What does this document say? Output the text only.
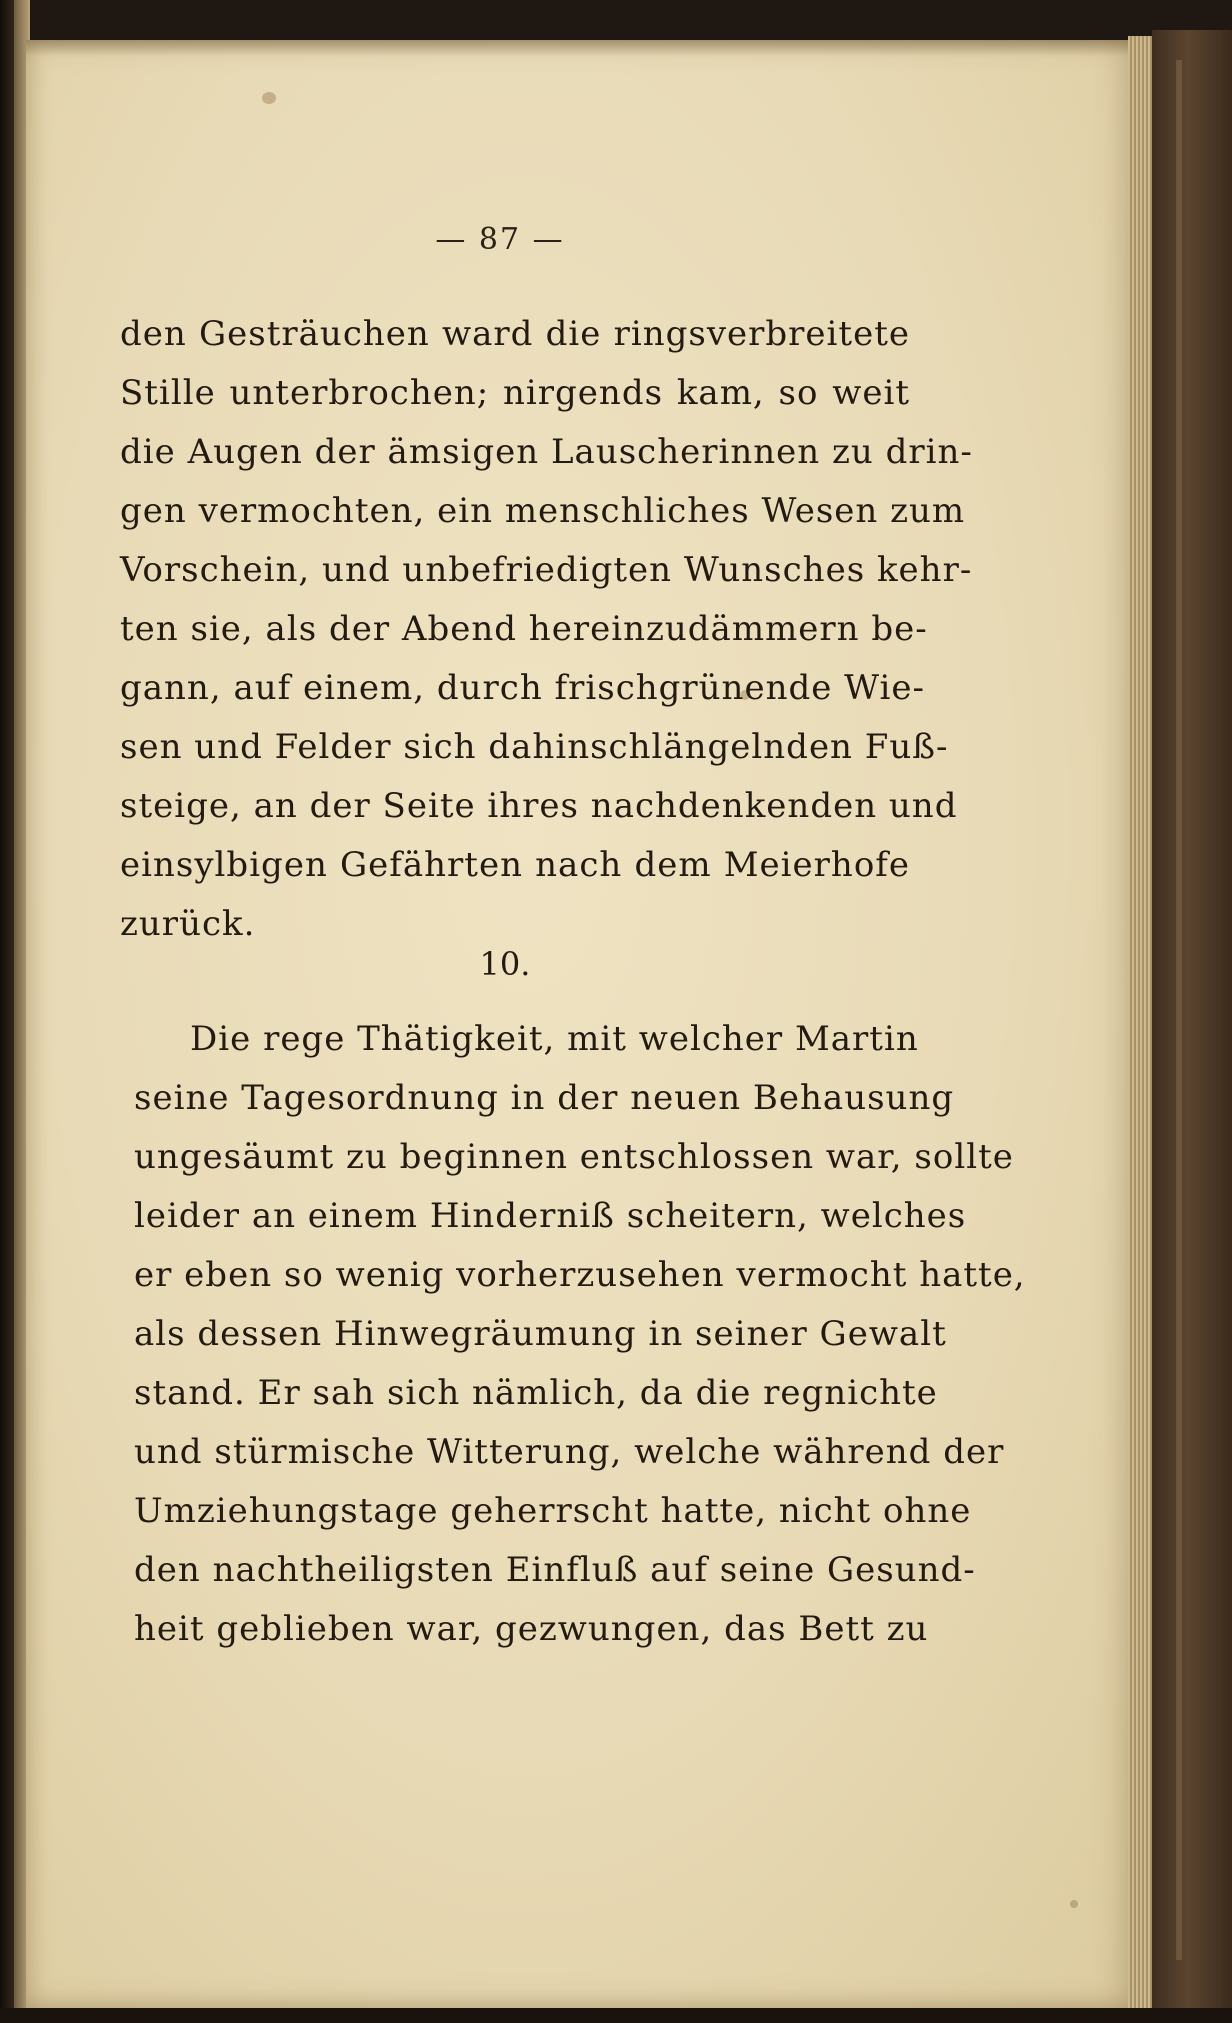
— 87 —
den Gesträuchen ward die ringsverbreitete
Stille unterbrochen; nirgends kam, so weit
die Augen der ämsigen Lauscherinnen zu drin-
gen vermochten, ein menschliches Wesen zum
Vorschein, und unbefriedigten Wunsches kehr-
ten sie, als der Abend hereinzudämmern be-
gann, auf einem, durch frischgrünende Wie-
sen und Felder sich dahinschlängelnden Fuß-
steige, an der Seite ihres nachdenkenden und
einsylbigen Gefährten nach dem Meierhofe
zurück.
10.
Die rege Thätigkeit, mit welcher Martin
seine Tagesordnung in der neuen Behausung
ungesäumt zu beginnen entschlossen war, sollte
leider an einem Hinderniß scheitern, welches
er eben so wenig vorherzusehen vermocht hatte,
als dessen Hinwegräumung in seiner Gewalt
stand. Er sah sich nämlich, da die regnichte
und stürmische Witterung, welche während der
Umziehungstage geherrscht hatte, nicht ohne
den nachtheiligsten Einfluß auf seine Gesund-
heit geblieben war, gezwungen, das Bett zu
